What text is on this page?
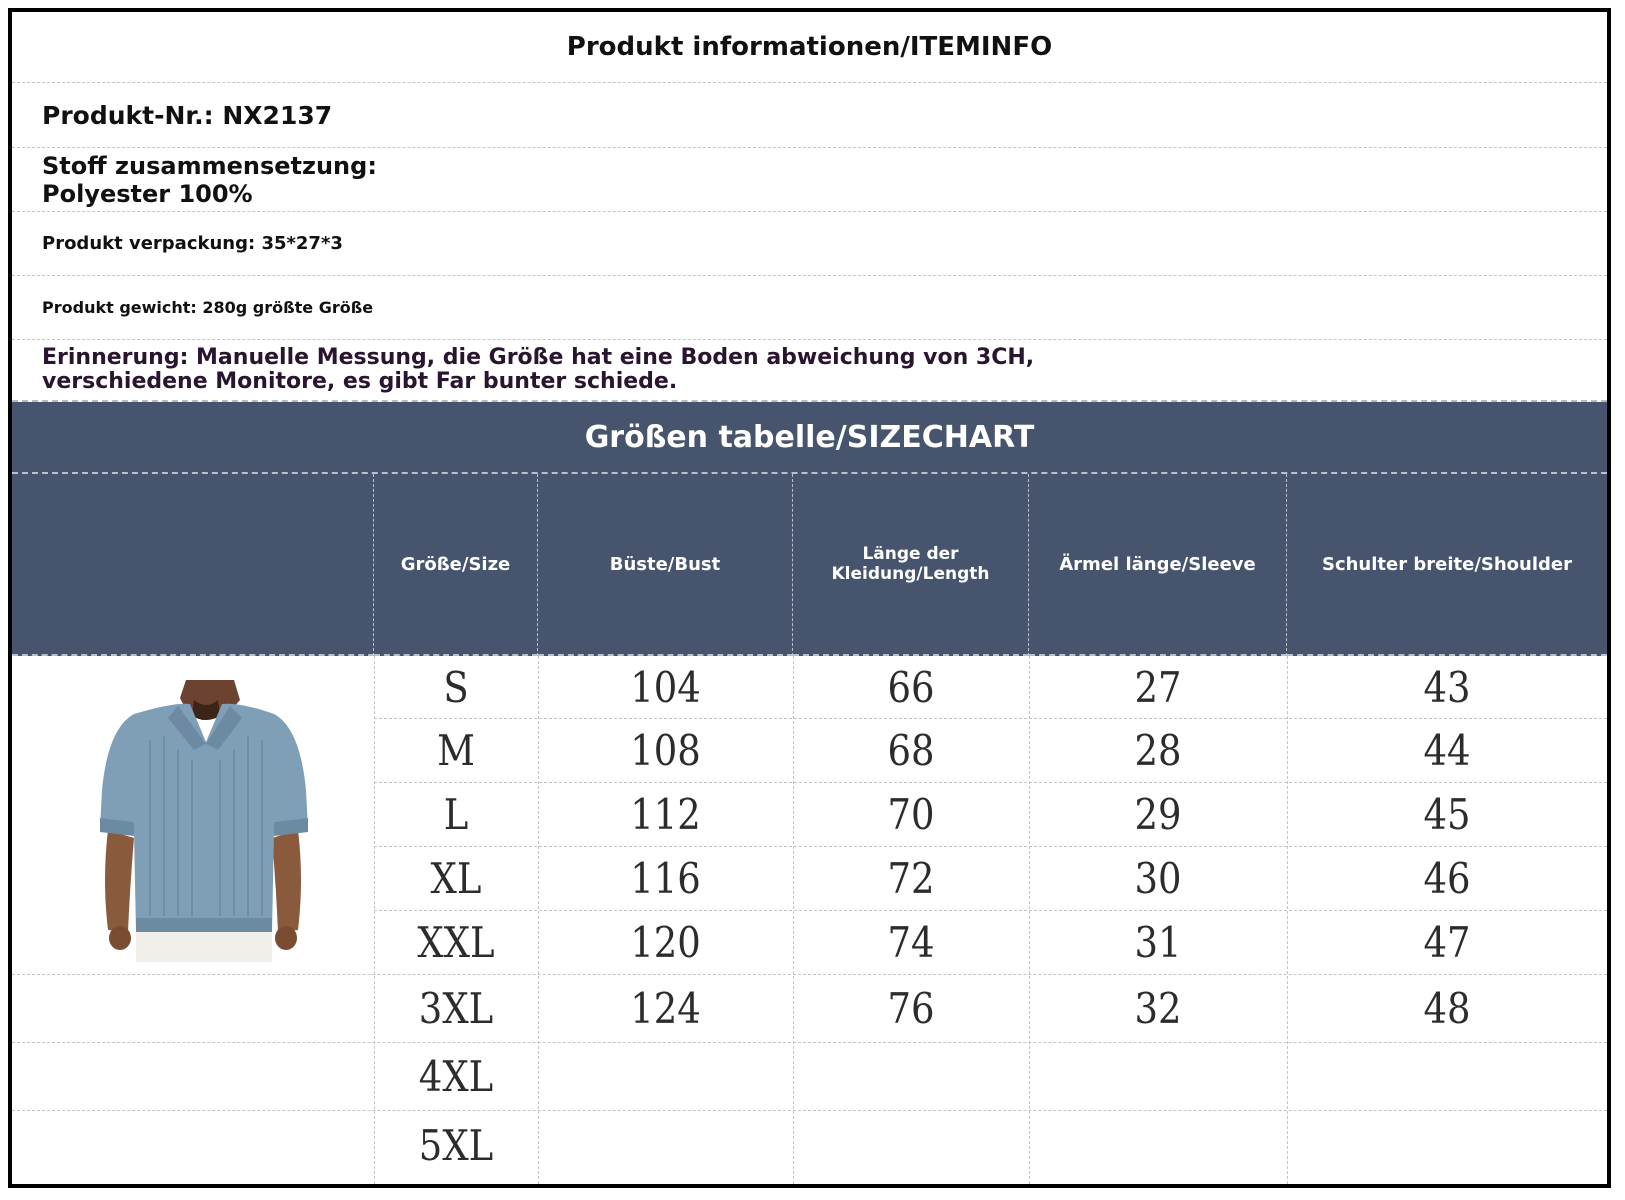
Produkt informationen/ITEMINFO
Produkt-Nr.: NX2137
Stoff zusammensetzung:
Polyester 100%
Produkt verpackung: 35*27*3
Produkt gewicht: 280g größte Größe
Erinnerung: Manuelle Messung, die Größe hat eine Boden abweichung von 3CH,
verschiedene Monitore, es gibt Far bunter schiede.
Größen tabelle/SIZECHART
Größe/Size	Büste/Bust	Länge der Kleidung/Length	Ärmel länge/Sleeve	Schulter breite/Shoulder
S	104	66	27	43
M	108	68	28	44
L	112	70	29	45
XL	116	72	30	46
XXL	120	74	31	47
3XL	124	76	32	48
4XL
5XL
